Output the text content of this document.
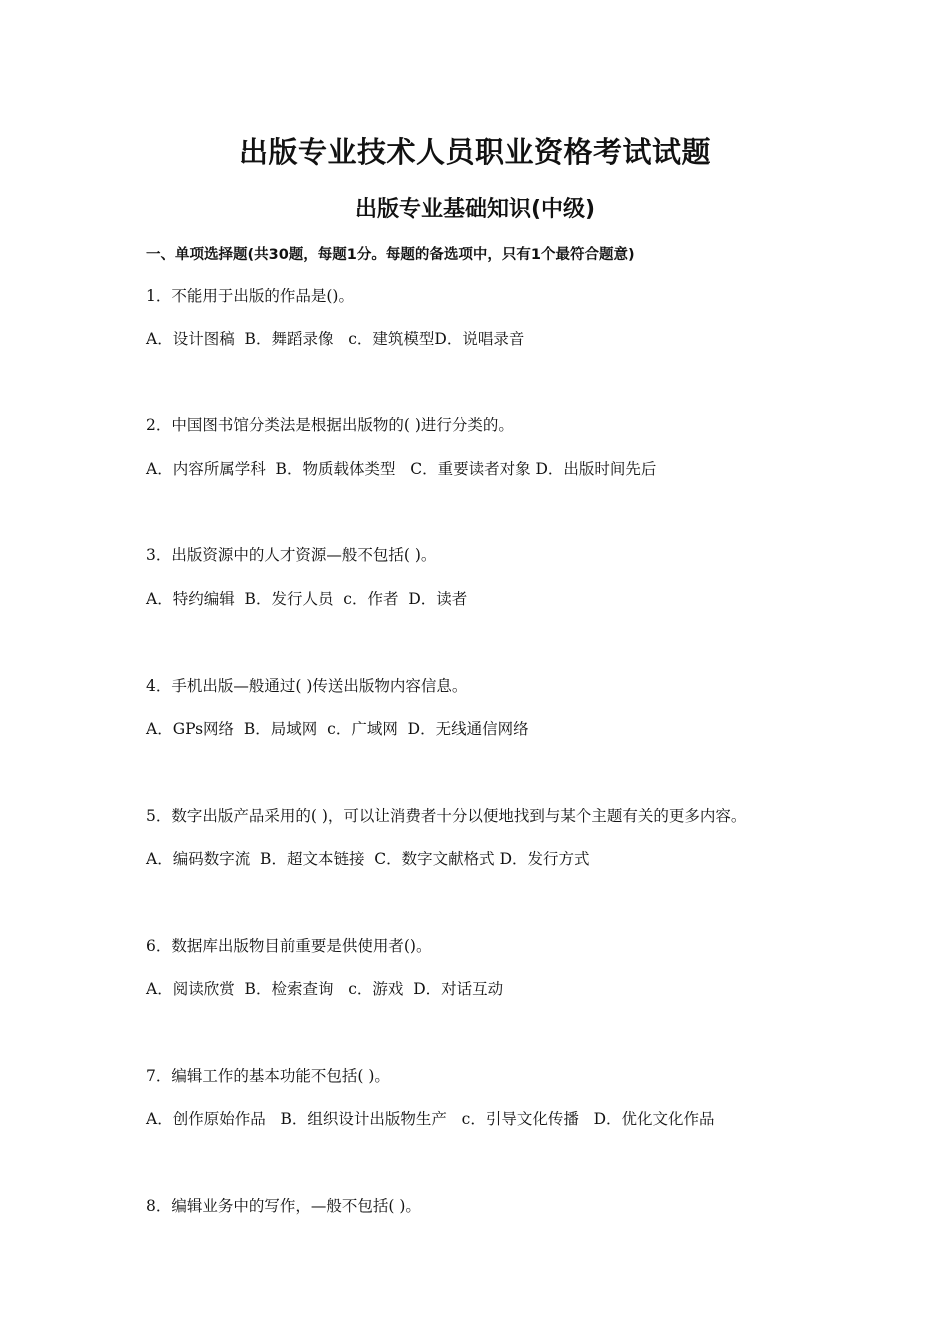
出版专业技术人员职业资格考试试题
出版专业基础知识(中级)
一、单项选择题(共30题，每题1分。每题的备选项中，只有1个最符合题意)
1．不能用于出版的作品是()。
A．设计图稿  B．舞蹈录像   c．建筑模型D．说唱录音
2．中国图书馆分类法是根据出版物的( )进行分类的。
A．内容所属学科  B．物质载体类型   C．重要读者对象 D．出版时间先后
3．出版资源中的人才资源—般不包括( )。
A．特约编辑  B．发行人员  c．作者  D．读者
4．手机出版—般通过( )传送出版物内容信息。
A．GPs网络  B．局域网  c．广域网  D．无线通信网络
5．数字出版产品采用的( )，可以让消费者十分以便地找到与某个主题有关的更多内容。
A．编码数字流  B．超文本链接  C．数字文献格式 D．发行方式
6．数据库出版物目前重要是供使用者()。
A．阅读欣赏  B．检索查询   c．游戏  D．对话互动
7．编辑工作的基本功能不包括( )。
A．创作原始作品   B．组织设计出版物生产   c．引导文化传播   D．优化文化作品
8．编辑业务中的写作，—般不包括( )。
